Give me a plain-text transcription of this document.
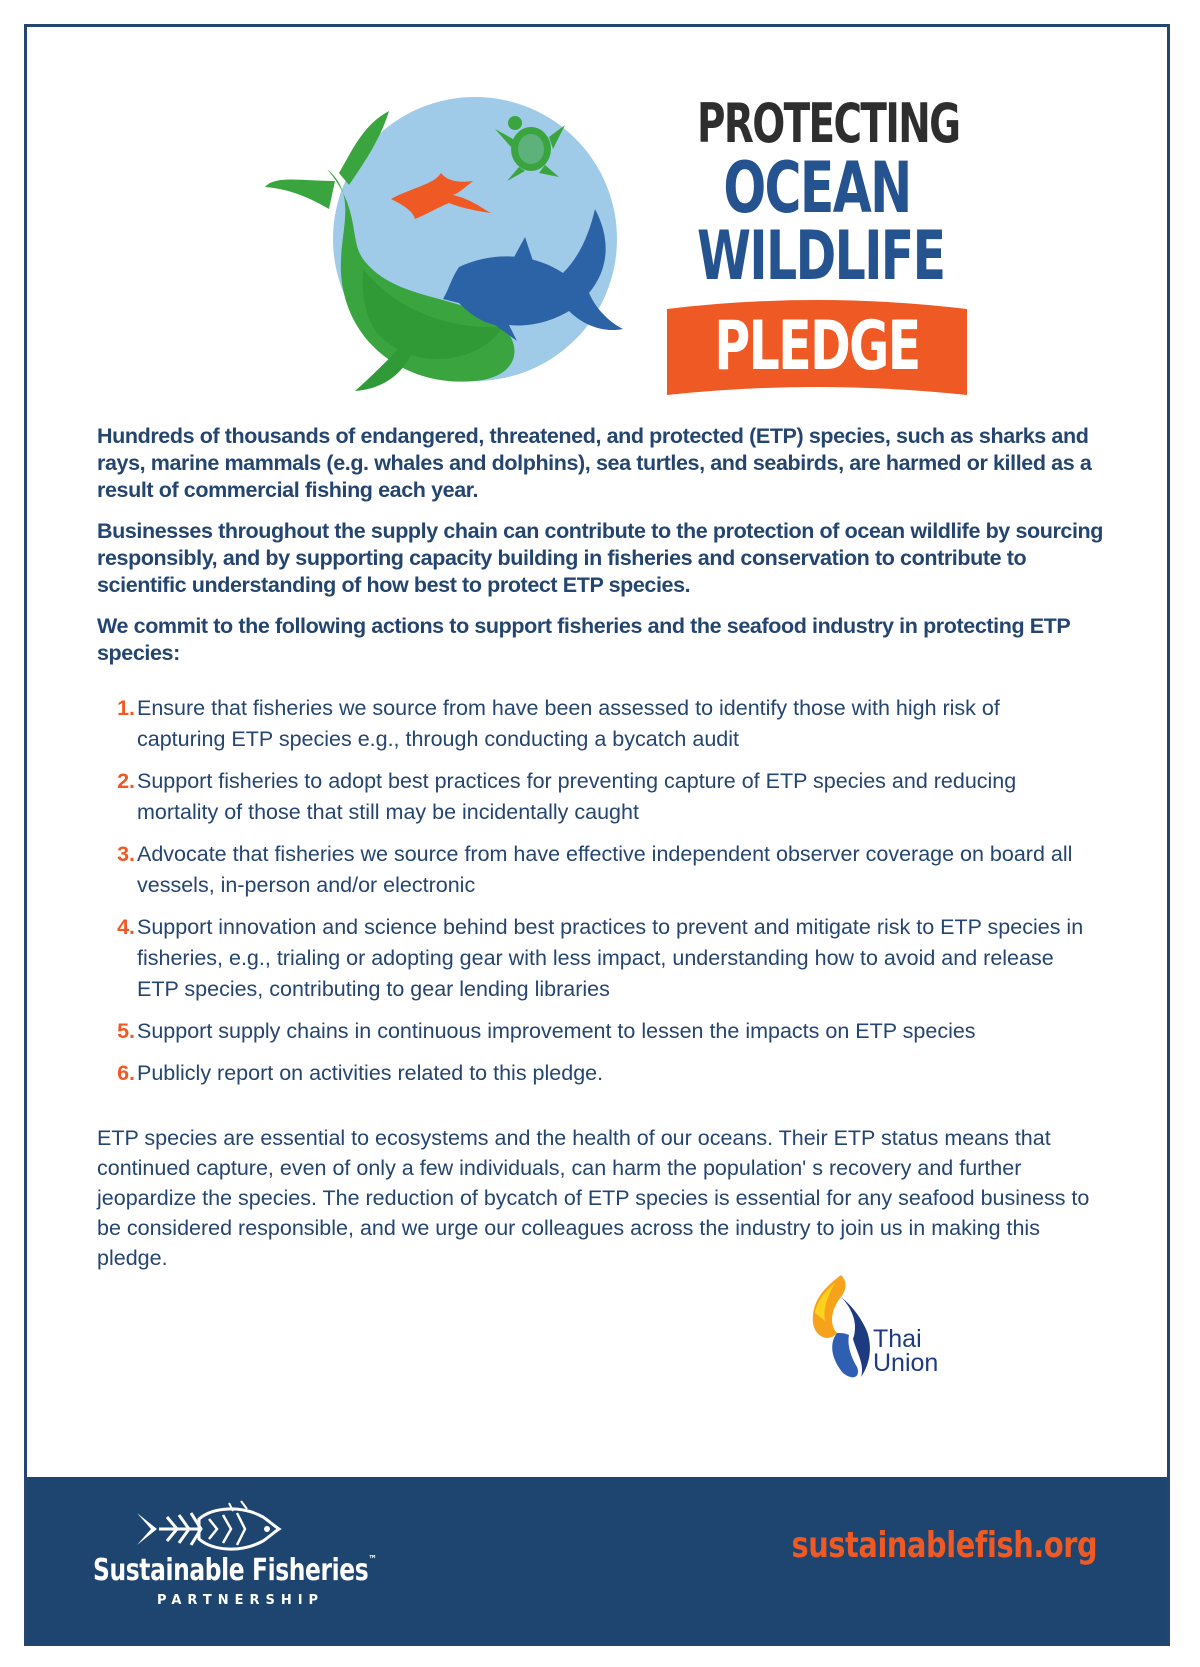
PROTECTING
OCEAN
WILDLIFE
PLEDGE

Hundreds of thousands of endangered, threatened, and protected (ETP) species, such as sharks and rays, marine mammals (e.g. whales and dolphins), sea turtles, and seabirds, are harmed or killed as a result of commercial fishing each year.

Businesses throughout the supply chain can contribute to the protection of ocean wildlife by sourcing responsibly, and by supporting capacity building in fisheries and conservation to contribute to scientific understanding of how best to protect ETP species.

We commit to the following actions to support fisheries and the seafood industry in protecting ETP species:

1. Ensure that fisheries we source from have been assessed to identify those with high risk of capturing ETP species e.g., through conducting a bycatch audit
2. Support fisheries to adopt best practices for preventing capture of ETP species and reducing mortality of those that still may be incidentally caught
3. Advocate that fisheries we source from have effective independent observer coverage on board all vessels, in-person and/or electronic
4. Support innovation and science behind best practices to prevent and mitigate risk to ETP species in fisheries, e.g., trialing or adopting gear with less impact, understanding how to avoid and release ETP species, contributing to gear lending libraries
5. Support supply chains in continuous improvement to lessen the impacts on ETP species
6. Publicly report on activities related to this pledge.

ETP species are essential to ecosystems and the health of our oceans. Their ETP status means that continued capture, even of only a few individuals, can harm the population' s recovery and further jeopardize the species. The reduction of bycatch of ETP species is essential for any seafood business to be considered responsible, and we urge our colleagues across the industry to join us in making this pledge.

Thai
Union
Sustainable Fisheries™
PARTNERSHIP
sustainablefish.org
